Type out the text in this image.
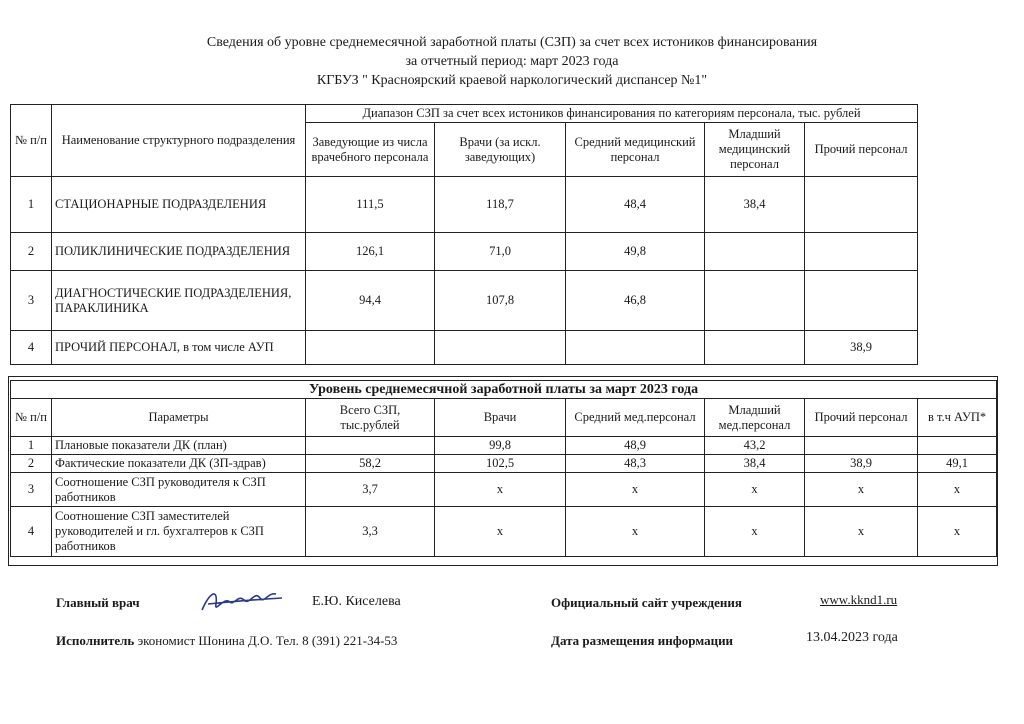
Сведения об уровне среднемесячной заработной платы (СЗП) за счет всех истоников финансирования
за отчетный период: март 2023 года
КГБУЗ " Красноярский краевой наркологический диспансер №1"
№ п/п	Наименование структурного подразделения	Диапазон СЗП за счет всех истоников финансирования по категориям персонала, тыс. рублей				
		Заведующие из числа врачебного персонала	Врачи (за искл. заведующих)	Средний медицинский персонал	Младший медицинский персонал	Прочий персонал
1	СТАЦИОНАРНЫЕ ПОДРАЗДЕЛЕНИЯ	111,5	118,7	48,4	38,4	
2	ПОЛИКЛИНИЧЕСКИЕ ПОДРАЗДЕЛЕНИЯ	126,1	71,0	49,8		
3	ДИАГНОСТИЧЕСКИЕ ПОДРАЗДЕЛЕНИЯ, ПАРАКЛИНИКА	94,4	107,8	46,8		
4	ПРОЧИЙ ПЕРСОНАЛ, в том числе АУП					38,9
Уровень среднемесячной заработной платы за март 2023 года							
№ п/п	Параметры	Всего СЗП, тыс.рублей	Врачи	Средний мед.персонал	Младший мед.персонал	Прочий персонал	в т.ч АУП*
1	Плановые показатели ДК (план)		99,8	48,9	43,2		
2	Фактические показатели ДК (ЗП-здрав)	58,2	102,5	48,3	38,4	38,9	49,1
3	Соотношение СЗП руководителя к СЗП работников	3,7	х	х	х	х	х
4	Соотношение СЗП заместителей руководителей и гл. бухгалтеров к СЗП работников	3,3	х	х	х	х	х
Главный врач	Е.Ю. Киселева
Исполнитель экономист Шонина Д.О. Тел. 8 (391) 221-34-53
Официальный сайт учреждения	www.kknd1.ru
Дата размещения информации	13.04.2023 года
